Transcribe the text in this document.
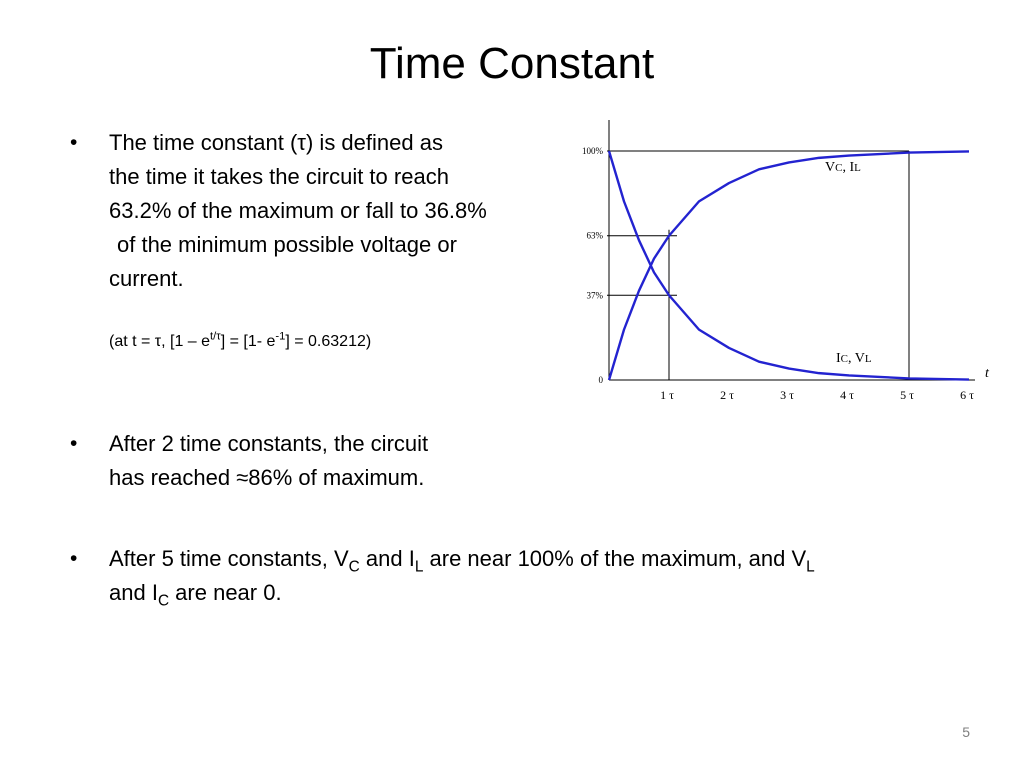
Time Constant
• The time constant (τ) is defined as
the time it takes the circuit to reach
63.2% of the maximum or fall to 36.8%
of the minimum possible voltage or
current.
(at t = τ, $[1 - e^{t/\tau}] = [1-$ $e^{-1}] = 0.63212$)
• After 2 time constants, the circuit
has reached ≈86% of maximum.
• After 5 time constants, $V_C$ and $I_L$ are near 100% of the maximum, and $V_L$
and $I_C$ are near 0.
100%
63%
37%
0
1 τ	2 τ	3 τ	4 τ	5 τ	6 τ
t
VC, IL
IC, VL
5
